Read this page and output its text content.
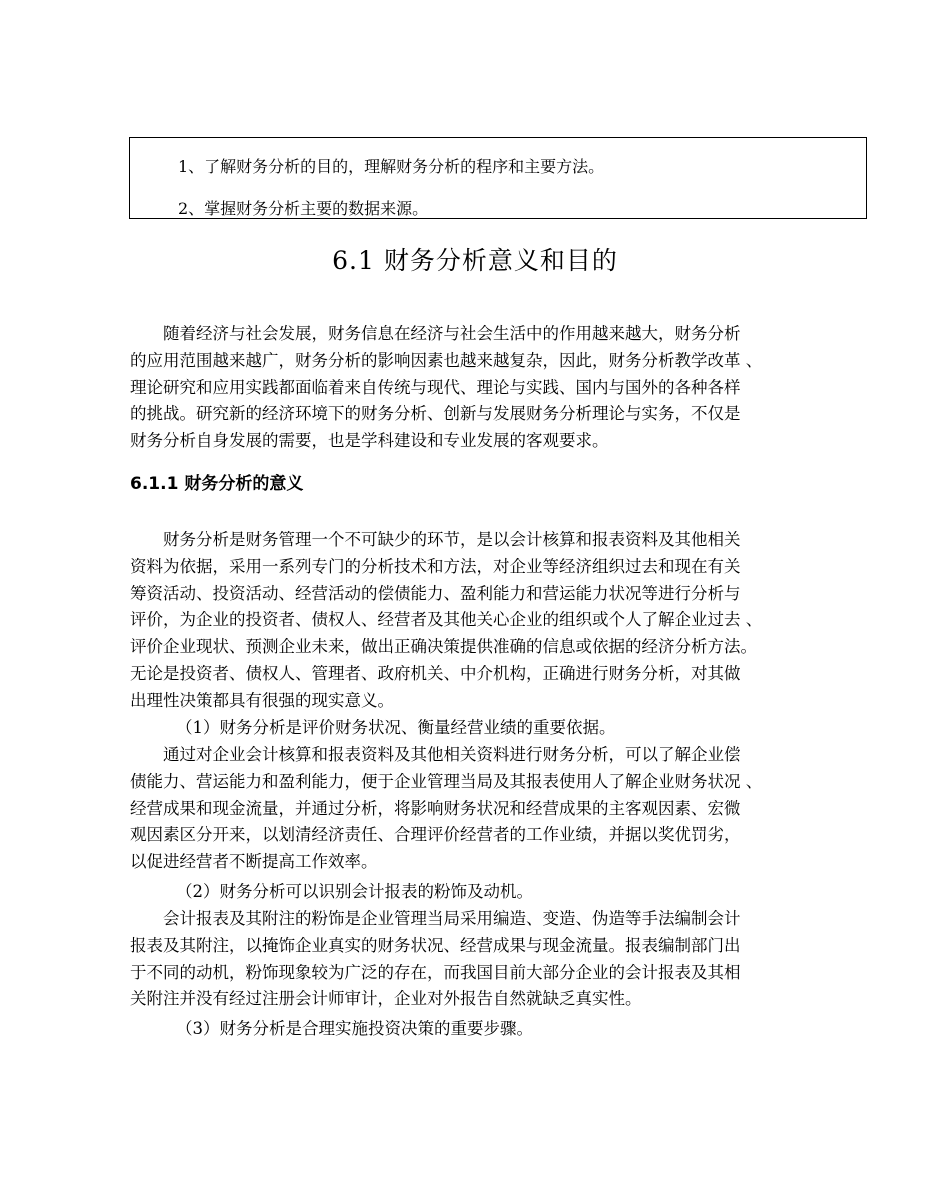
1、了解财务分析的目的，理解财务分析的程序和主要方法。
2、掌握财务分析主要的数据来源。
6.1 财务分析意义和目的
随着经济与社会发展，财务信息在经济与社会生活中的作用越来越大，财务分析
的应用范围越来越广，财务分析的影响因素也越来越复杂，因此，财务分析教学改革 、
理论研究和应用实践都面临着来自传统与现代、理论与实践、国内与国外的各种各样
的挑战。研究新的经济环境下的财务分析、创新与发展财务分析理论与实务，不仅是
财务分析自身发展的需要，也是学科建设和专业发展的客观要求。
6.1.1 财务分析的意义
财务分析是财务管理一个不可缺少的环节，是以会计核算和报表资料及其他相关
资料为依据，采用一系列专门的分析技术和方法，对企业等经济组织过去和现在有关
筹资活动、投资活动、经营活动的偿债能力、盈利能力和营运能力状况等进行分析与
评价，为企业的投资者、债权人、经营者及其他关心企业的组织或个人了解企业过去 、
评价企业现状、预测企业未来，做出正确决策提供准确的信息或依据的经济分析方法。
无论是投资者、债权人、管理者、政府机关、中介机构，正确进行财务分析，对其做
出理性决策都具有很强的现实意义。
（1）财务分析是评价财务状况、衡量经营业绩的重要依据。
通过对企业会计核算和报表资料及其他相关资料进行财务分析，可以了解企业偿
债能力、营运能力和盈利能力，便于企业管理当局及其报表使用人了解企业财务状况 、
经营成果和现金流量，并通过分析，将影响财务状况和经营成果的主客观因素、宏微
观因素区分开来，以划清经济责任、合理评价经营者的工作业绩，并据以奖优罚劣，
以促进经营者不断提高工作效率。
（2）财务分析可以识别会计报表的粉饰及动机。
会计报表及其附注的粉饰是企业管理当局采用编造、变造、伪造等手法编制会计
报表及其附注，以掩饰企业真实的财务状况、经营成果与现金流量。报表编制部门出
于不同的动机，粉饰现象较为广泛的存在，而我国目前大部分企业的会计报表及其相
关附注并没有经过注册会计师审计，企业对外报告自然就缺乏真实性。
（3）财务分析是合理实施投资决策的重要步骤。
